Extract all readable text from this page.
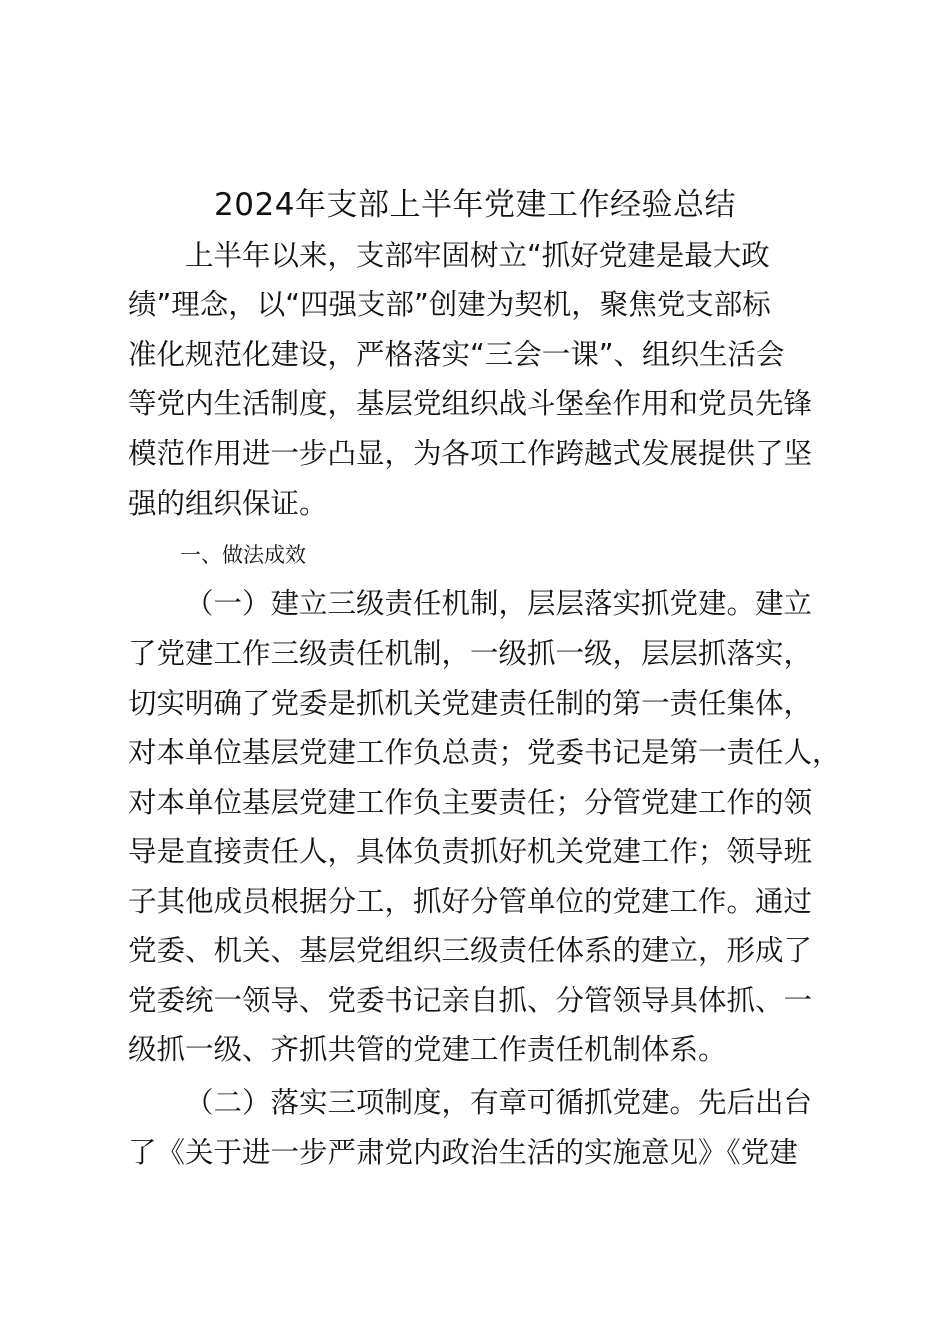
2024年支部上半年党建工作经验总结

上半年以来，支部牢固树立“抓好党建是最大政

绩”理念，以“四强支部”创建为契机，聚焦党支部标

准化规范化建设，严格落实“三会一课”、组织生活会

等党内生活制度，基层党组织战斗堡垒作用和党员先锋

模范作用进一步凸显，为各项工作跨越式发展提供了坚

强的组织保证。

一、做法成效

（一）建立三级责任机制，层层落实抓党建。建立

了党建工作三级责任机制，一级抓一级，层层抓落实，

切实明确了党委是抓机关党建责任制的第一责任集体，

对本单位基层党建工作负总责；党委书记是第一责任人，

对本单位基层党建工作负主要责任；分管党建工作的领

导是直接责任人，具体负责抓好机关党建工作；领导班

子其他成员根据分工，抓好分管单位的党建工作。通过

党委、机关、基层党组织三级责任体系的建立，形成了

党委统一领导、党委书记亲自抓、分管领导具体抓、一

级抓一级、齐抓共管的党建工作责任机制体系。

（二）落实三项制度，有章可循抓党建。先后出台

了《关于进一步严肃党内政治生活的实施意见》《党建
